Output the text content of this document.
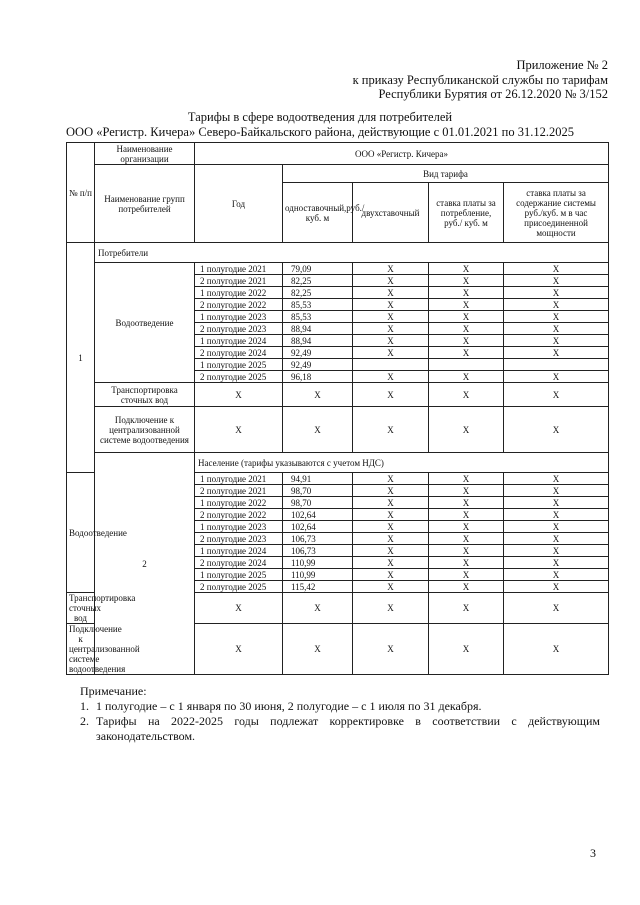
Приложение № 2
к приказу Республиканской службы по тарифам
Республики Бурятия от 26.12.2020 № 3/152
Тарифы в сфере водоотведения для потребителей
ООО «Регистр. Кичера» Северо-Байкальского района, действующие с 01.01.2021 по 31.12.2025
№ п/п	Наименование организации	ООО «Регистр. Кичера»				
	Наименование групп потребителей	Год	Вид тарифа			
			одноставочный,руб./ куб. м	двухставочный	ставка платы за потребление, руб./ куб. м	ставка платы за содержание системы руб./куб. м в час присоединенной мощности
1	Потребители					
	Водоотведение	1 полугодие 2021	79,09	X	X	X
		2 полугодие 2021	82,25	X	X	X
		1 полугодие 2022	82,25	X	X	X
		2 полугодие 2022	85,53	X	X	X
		1 полугодие 2023	85,53	X	X	X
		2 полугодие 2023	88,94	X	X	X
		1 полугодие 2024	88,94	X	X	X
		2 полугодие 2024	92,49	X	X	X
		1 полугодие 2025	92,49			
		2 полугодие 2025	96,18	X	X	X
	Транспортировка сточных вод	X	X	X	X	X
	Подключение к централизованной системе водоотведения	X	X	X	X	X
	2	Население (тарифы указываются с учетом НДС)				
Водоотведение		1 полугодие 2021	94,91	X	X	X
		2 полугодие 2021	98,70	X	X	X
		1 полугодие 2022	98,70	X	X	X
		2 полугодие 2022	102,64	X	X	X
		1 полугодие 2023	102,64	X	X	X
		2 полугодие 2023	106,73	X	X	X
		1 полугодие 2024	106,73	X	X	X
		2 полугодие 2024	110,99	X	X	X
		1 полугодие 2025	110,99	X	X	X
		2 полугодие 2025	115,42	X	X	X
Транспортировка сточных вод		X	X	X	X	X
Подключение к централизованной системе водоотведения		X	X	X	X	X
Примечание:
1. 1 полугодие – с 1 января по 30 июня, 2 полугодие – с 1 июля по 31 декабря.
2. Тарифы на 2022-2025 годы подлежат корректировке в соответствии с действующим законодательством.
3
